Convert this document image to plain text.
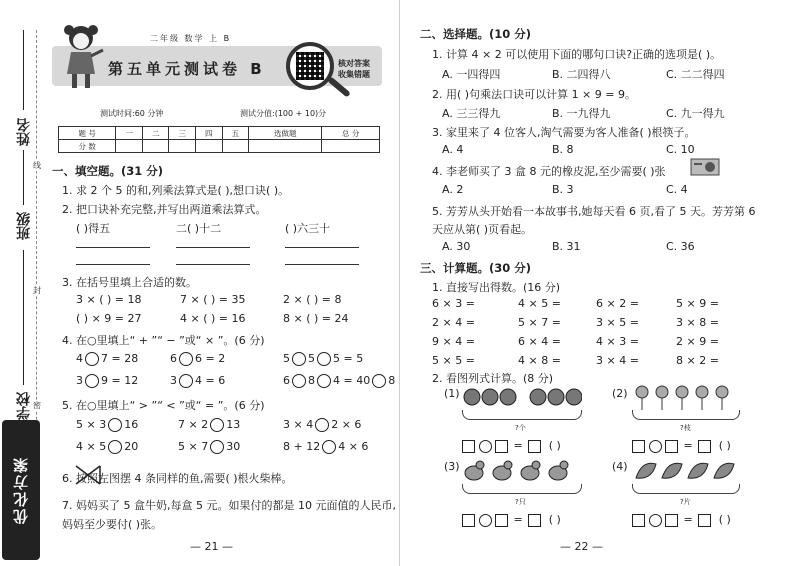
姓名
班级
学校
线
封
密
优化方案
二年级 数学 上 B
第五单元测试卷 B	核对答案
收集错题
测试时间:60 分钟	测试分值:(100 + 10)分
题 号	一	二	三	四	五	选做题	总 分
分 数							
一、填空题。(31 分)
1. 求 2 个 5 的和,列乘法算式是( ),想口诀( )。
2. 把口诀补充完整,并写出两道乘法算式。
( )得五	二( )十二	( )六三十
3. 在括号里填上合适的数。
3 × ( ) = 18	7 × ( ) = 35	2 × ( ) = 8
( ) × 9 = 27	4 × ( ) = 16	8 × ( ) = 24
4. 在○里填上“ + ”“ − ”或“ × ”。(6 分)
4 7 = 28	6 6 = 2	5 5 5 = 5
3 9 = 12	3 4 = 6	6 8 4 = 40 8
5. 在○里填上“ > ”“ < ”或“ = ”。(6 分)
5 × 3 16	7 × 2 13	3 × 4 2 × 6
4 × 5 20	5 × 7 30	8 + 12 4 × 6
6. 按照左图摆 4 条同样的鱼,需要( )根火柴棒。
7. 妈妈买了 5 盒牛奶,每盒 5 元。如果付的都是 10 元面值的人民币,
妈妈至少要付( )张。
— 21 —
二、选择题。(10 分)
1. 计算 4 × 2 可以使用下面的哪句口诀?正确的选项是( )。
A. 一四得四	B. 二四得八	C. 二二得四
2. 用( )句乘法口诀可以计算 1 × 9 = 9。
A. 三三得九	B. 一九得九	C. 九一得九
3. 家里来了 4 位客人,淘气需要为客人准备( )根筷子。
A. 4	B. 8	C. 10
4. 李老师买了 3 盒 8 元的橡皮泥,至少需要( )张
A. 2	B. 3	C. 4
5. 芳芳从头开始看一本故事书,她每天看 6 页,看了 5 天。芳芳第 6
天应从第( )页看起。
A. 30	B. 31	C. 36
三、计算题。(30 分)
1. 直接写出得数。(16 分)
6 × 3 =	4 × 5 =	6 × 2 =	5 × 9 =
2 × 4 =	5 × 7 =	3 × 5 =	3 × 8 =
9 × 4 =	6 × 4 =	4 × 3 =	2 × 9 =
5 × 5 =	4 × 8 =	3 × 4 =	8 × 2 =
2. 看图列式计算。(8 分)
(1)
?个
= ( )
(2)
?枝
= ( )
(3)
?只
= ( )
(4)
?片
= ( )
— 22 —
